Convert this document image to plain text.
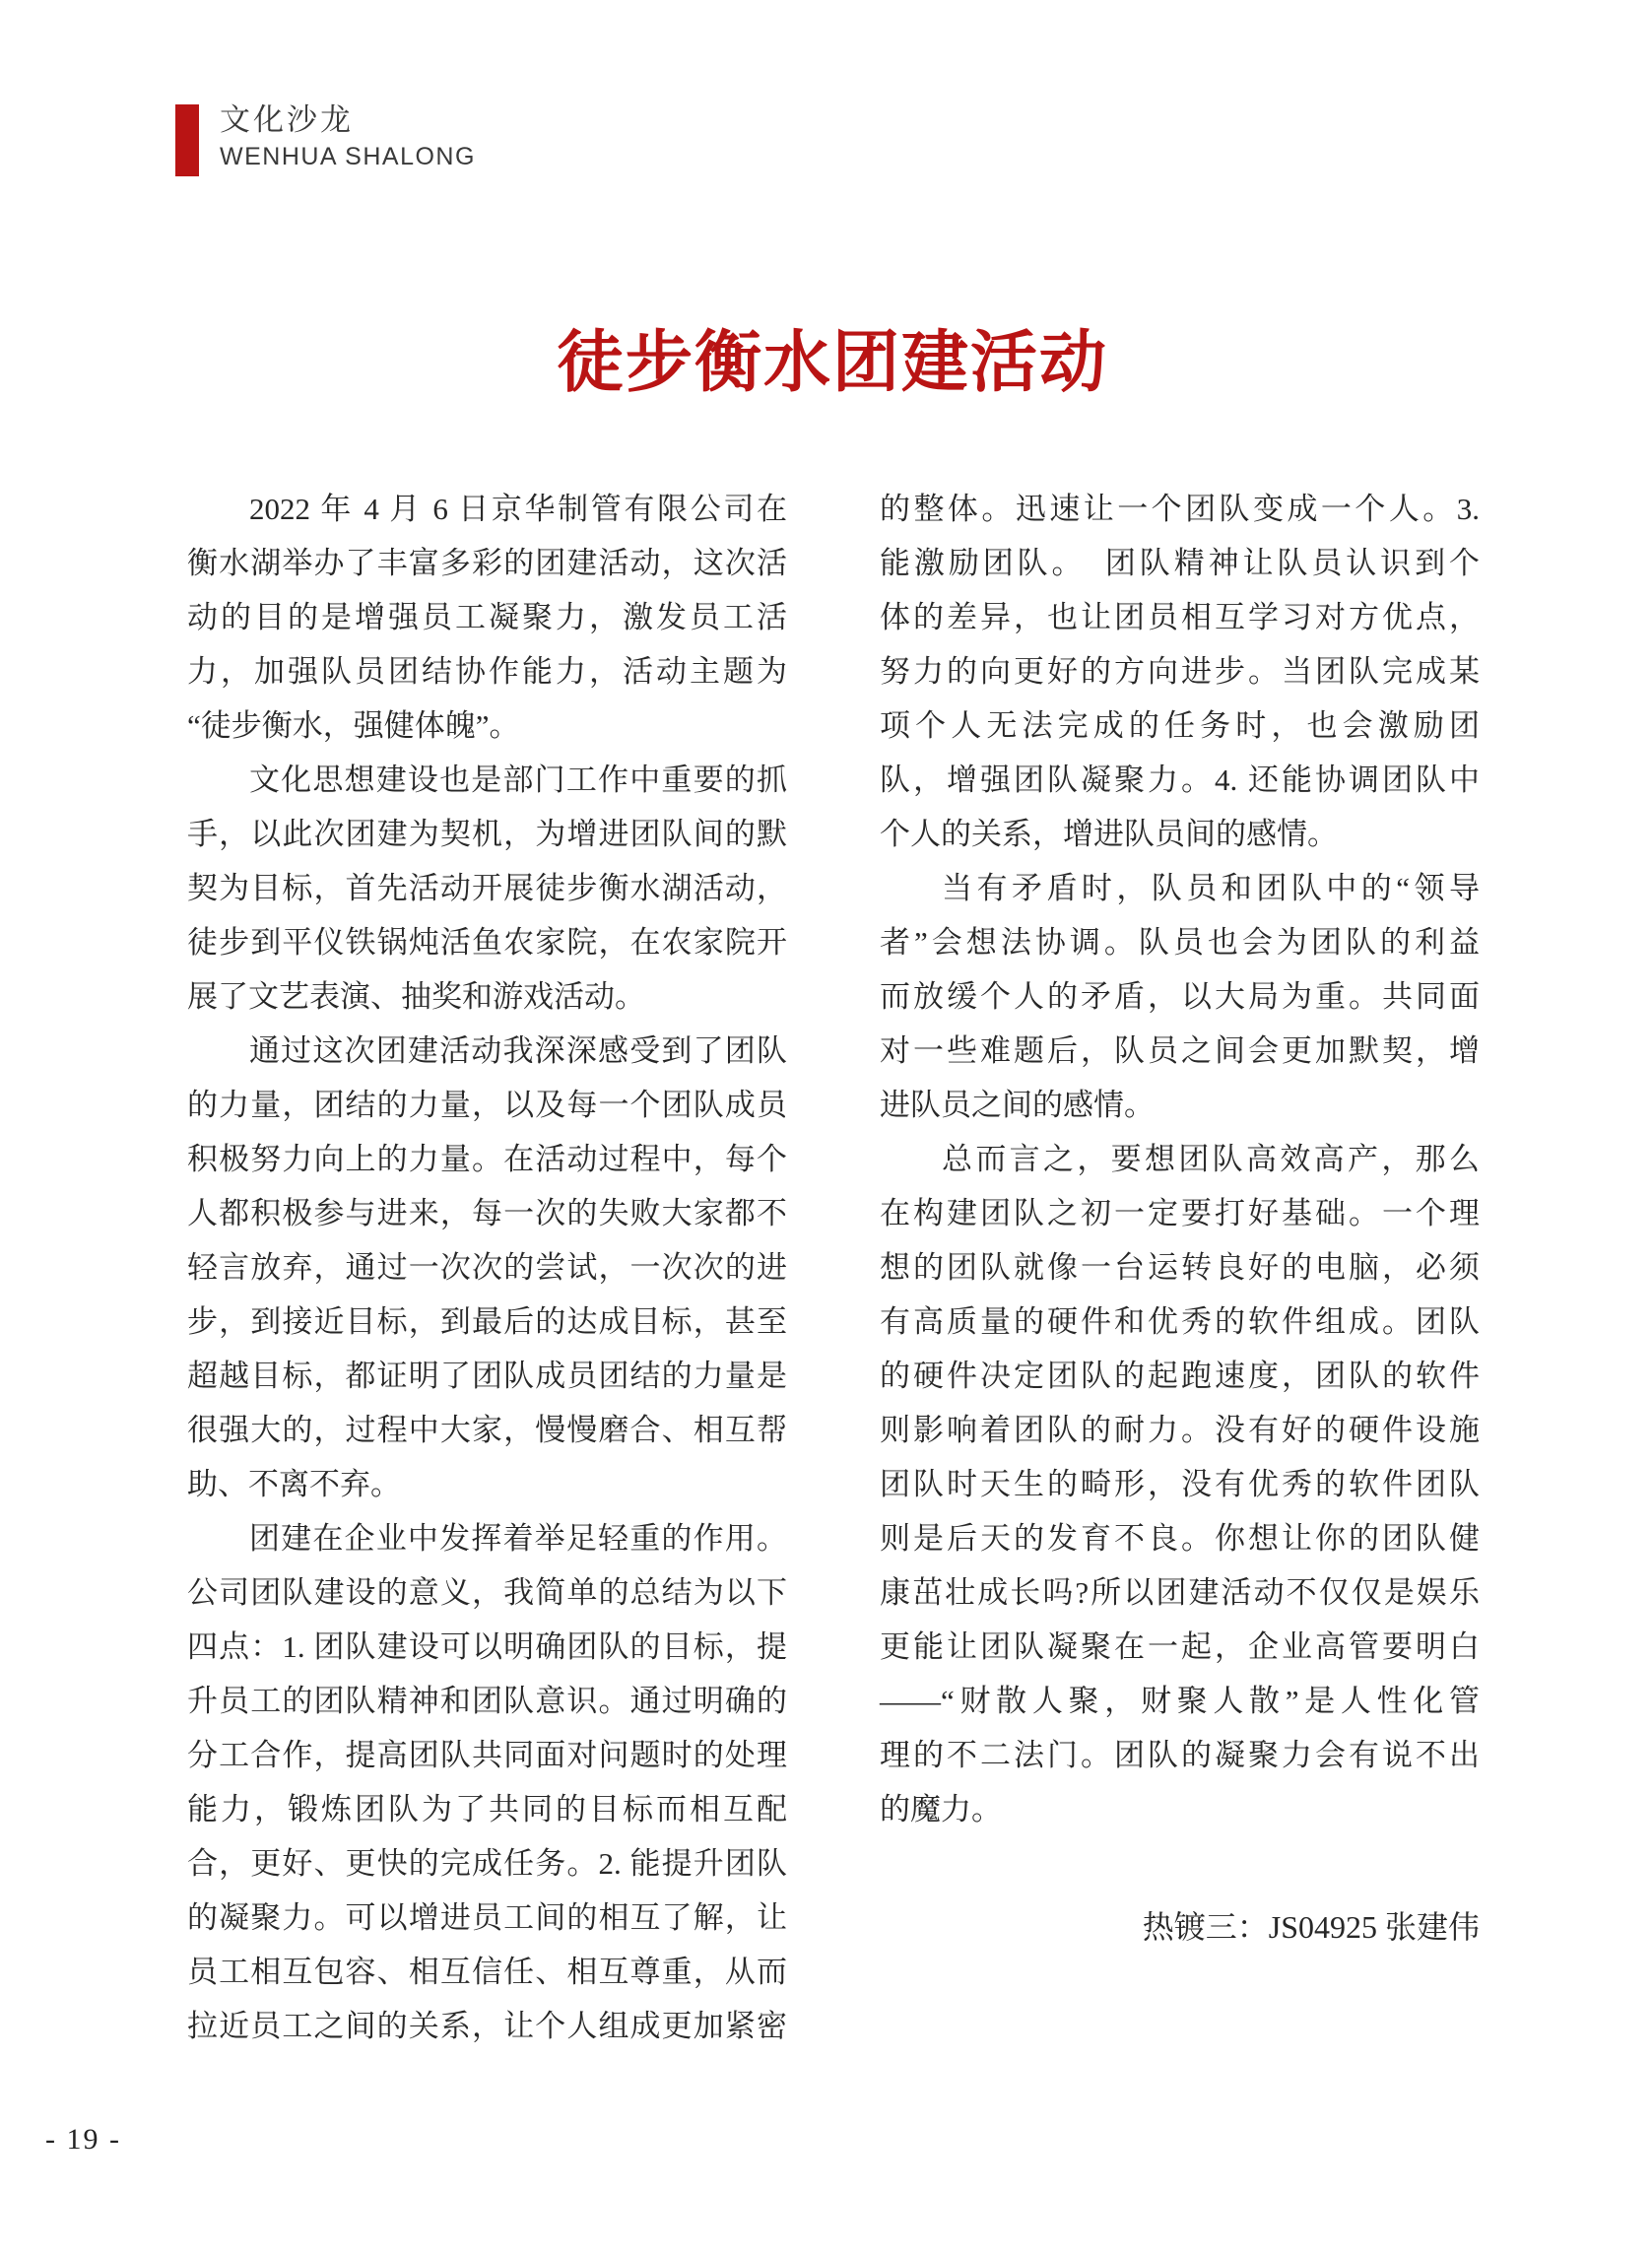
文化沙龙
WENHUA SHALONG
徒步衡水团建活动
2022 年 4 月 6 日京华制管有限公司在
衡水湖举办了丰富多彩的团建活动，这次活
动的目的是增强员工凝聚力，激发员工活
力，加强队员团结协作能力，活动主题为
“徒步衡水，强健体魄”。
文化思想建设也是部门工作中重要的抓
手，以此次团建为契机，为增进团队间的默
契为目标，首先活动开展徒步衡水湖活动，
徒步到平仪铁锅炖活鱼农家院，在农家院开
展了文艺表演、抽奖和游戏活动。
通过这次团建活动我深深感受到了团队
的力量，团结的力量，以及每一个团队成员
积极努力向上的力量。在活动过程中，每个
人都积极参与进来，每一次的失败大家都不
轻言放弃，通过一次次的尝试，一次次的进
步，到接近目标，到最后的达成目标，甚至
超越目标，都证明了团队成员团结的力量是
很强大的，过程中大家，慢慢磨合、相互帮
助、不离不弃。
团建在企业中发挥着举足轻重的作用。
公司团队建设的意义，我简单的总结为以下
四点：1. 团队建设可以明确团队的目标，提
升员工的团队精神和团队意识。通过明确的
分工合作，提高团队共同面对问题时的处理
能力，锻炼团队为了共同的目标而相互配
合，更好、更快的完成任务。2. 能提升团队
的凝聚力。可以增进员工间的相互了解，让
员工相互包容、相互信任、相互尊重，从而
拉近员工之间的关系，让个人组成更加紧密
的整体。迅速让一个团队变成一个人。3.
能激励团队。　团队精神让队员认识到个
体的差异，也让团员相互学习对方优点，
努力的向更好的方向进步。当团队完成某
项个人无法完成的任务时，也会激励团
队，增强团队凝聚力。4. 还能协调团队中
个人的关系，增进队员间的感情。
当有矛盾时，队员和团队中的“领导
者”会想法协调。队员也会为团队的利益
而放缓个人的矛盾，以大局为重。共同面
对一些难题后，队员之间会更加默契，增
进队员之间的感情。
总而言之，要想团队高效高产，那么
在构建团队之初一定要打好基础。一个理
想的团队就像一台运转良好的电脑，必须
有高质量的硬件和优秀的软件组成。团队
的硬件决定团队的起跑速度，团队的软件
则影响着团队的耐力。没有好的硬件设施
团队时天生的畸形，没有优秀的软件团队
则是后天的发育不良。你想让你的团队健
康茁壮成长吗?所以团建活动不仅仅是娱乐
更能让团队凝聚在一起，企业高管要明白
——“财散人聚，财聚人散”是人性化管
理的不二法门。团队的凝聚力会有说不出
的魔力。
热镀三：JS04925 张建伟
- 19 -
